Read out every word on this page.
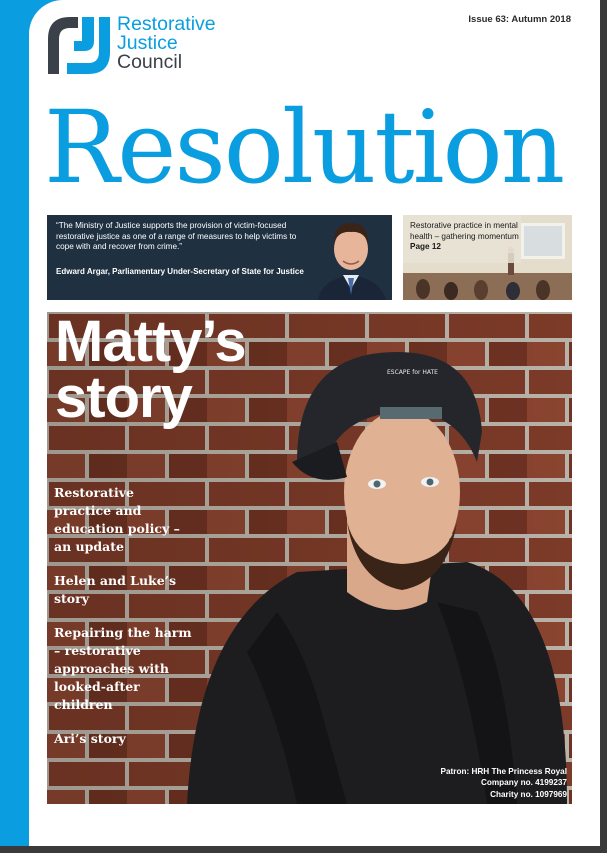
Restorative
Justice
Council
Issue 63: Autumn 2018
Resolution
“The Ministry of Justice supports the provision of victim-focused restorative justice as one of a range of measures to help victims to cope with and recover from crime.”
Edward Argar, Parliamentary Under-Secretary of State for Justice
Restorative practice in mental health – gathering momentum
Page 12
ESCAPE for HATE
Matty’s
story
Restorative practice and education policy – an update
Helen and Luke’s story
Repairing the harm – restorative approaches with looked-after children
Ari’s story
Patron: HRH The Princess Royal
Company no. 4199237
Charity no. 1097969
